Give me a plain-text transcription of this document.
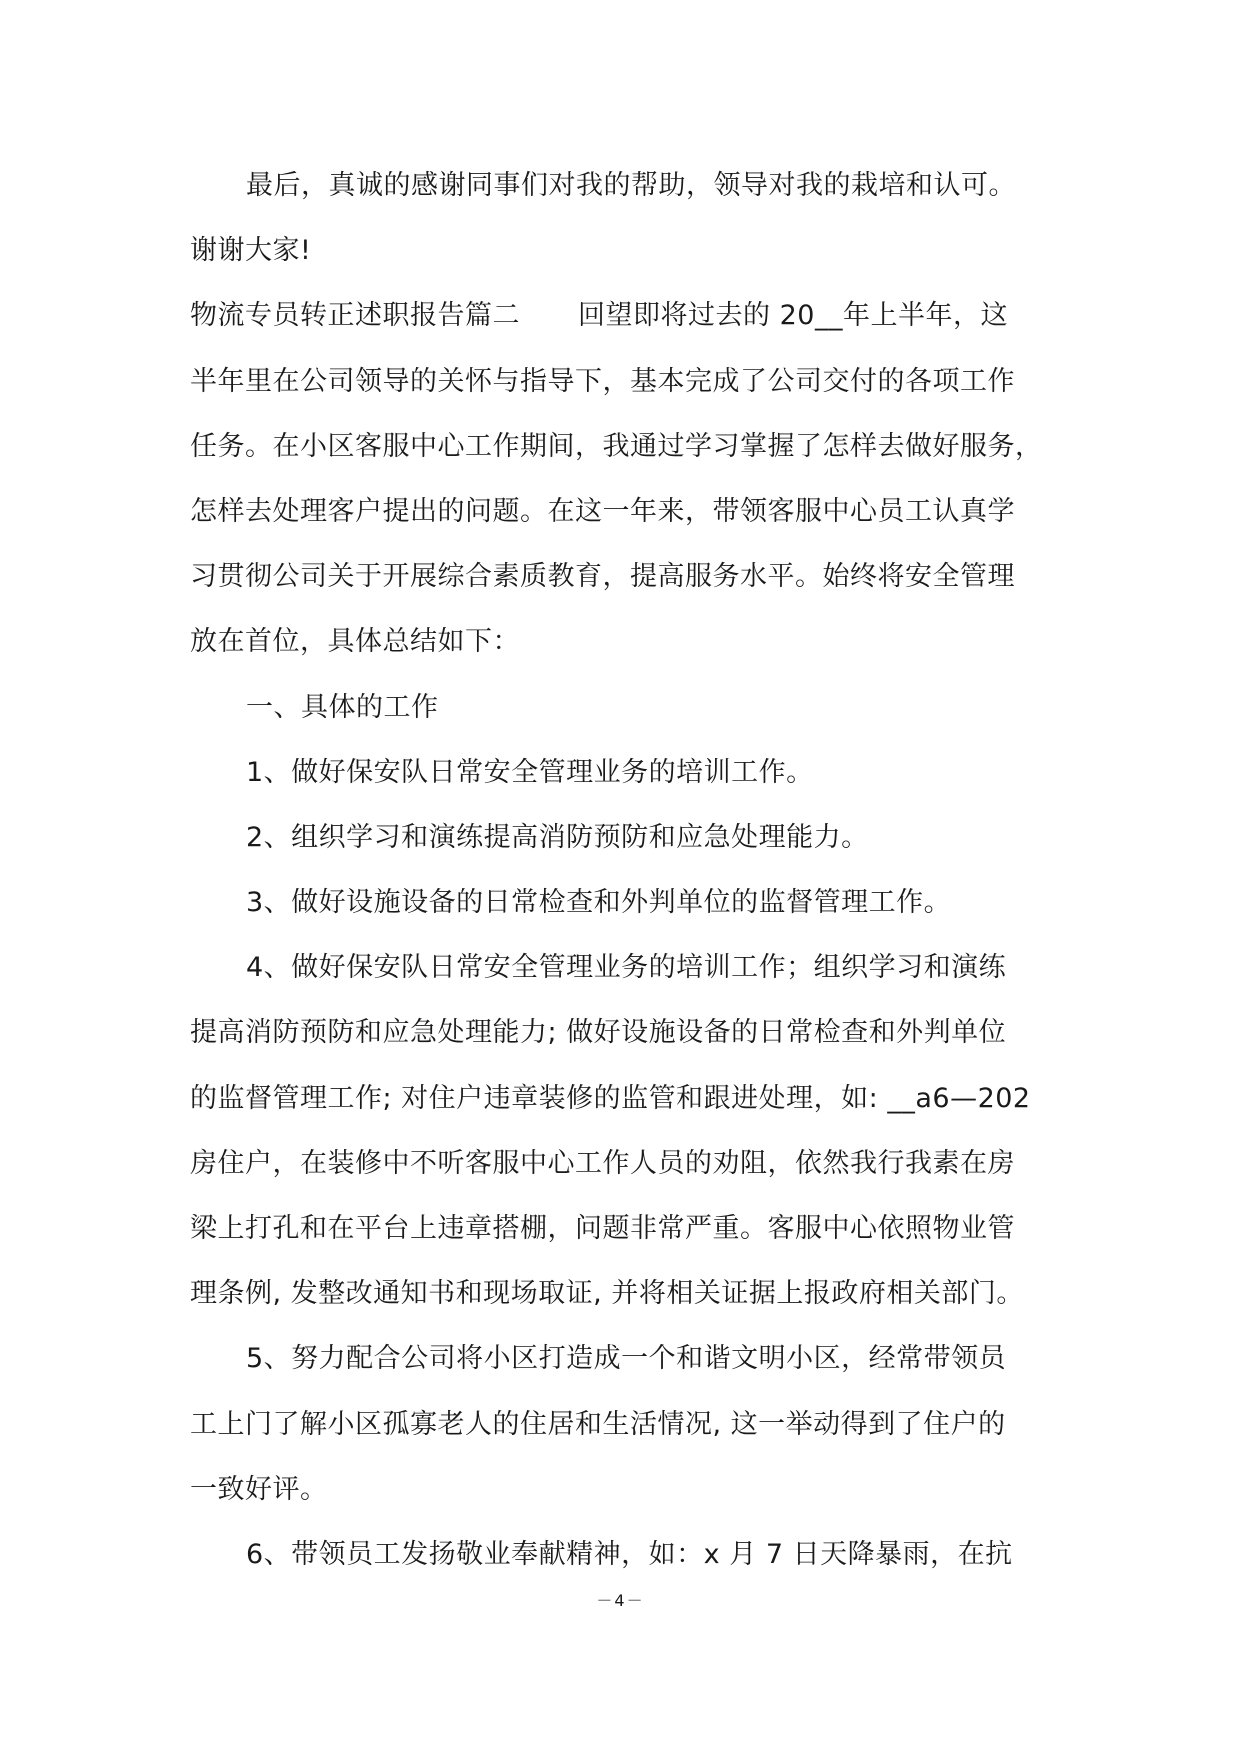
最后，真诚的感谢同事们对我的帮助，领导对我的栽培和认可。
谢谢大家!
物流专员转正述职报告篇二 回望即将过去的 20__年上半年，这
半年里在公司领导的关怀与指导下，基本完成了公司交付的各项工作
任务。在小区客服中心工作期间，我通过学习掌握了怎样去做好服务，
怎样去处理客户提出的问题。在这一年来，带领客服中心员工认真学
习贯彻公司关于开展综合素质教育，提高服务水平。始终将安全管理
放在首位，具体总结如下：
一、具体的工作
1、做好保安队日常安全管理业务的培训工作。
2、组织学习和演练提高消防预防和应急处理能力。
3、做好设施设备的日常检查和外判单位的监督管理工作。
4、做好保安队日常安全管理业务的培训工作；组织学习和演练
提高消防预防和应急处理能力; 做好设施设备的日常检查和外判单位
的监督管理工作; 对住户违章装修的监管和跟进处理，如: __a6—202
房住户，在装修中不听客服中心工作人员的劝阻，依然我行我素在房
梁上打孔和在平台上违章搭棚，问题非常严重。客服中心依照物业管
理条例, 发整改通知书和现场取证, 并将相关证据上报政府相关部门。
5、努力配合公司将小区打造成一个和谐文明小区，经常带领员
工上门了解小区孤寡老人的住居和生活情况, 这一举动得到了住户的
一致好评。
6、带领员工发扬敬业奉献精神，如：x 月 7 日天降暴雨，在抗
－4－
